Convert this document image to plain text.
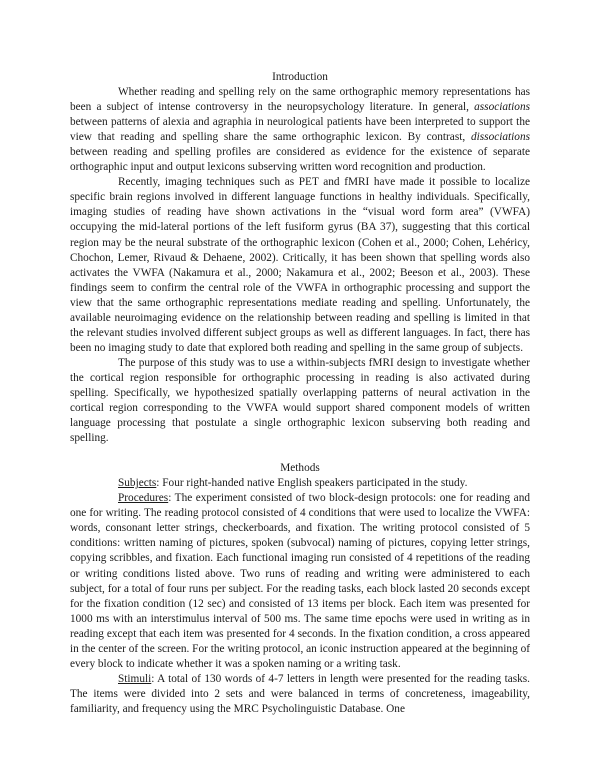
Introduction

Whether reading and spelling rely on the same orthographic memory representations has been a subject of intense controversy in the neuropsychology literature. In general, associations between patterns of alexia and agraphia in neurological patients have been interpreted to support the view that reading and spelling share the same orthographic lexicon. By contrast, dissociations between reading and spelling profiles are considered as evidence for the existence of separate orthographic input and output lexicons subserving written word recognition and production.

Recently, imaging techniques such as PET and fMRI have made it possible to localize specific brain regions involved in different language functions in healthy individuals. Specifically, imaging studies of reading have shown activations in the “visual word form area” (VWFA) occupying the mid-lateral portions of the left fusiform gyrus (BA 37), suggesting that this cortical region may be the neural substrate of the orthographic lexicon (Cohen et al., 2000; Cohen, Lehéricy, Chochon, Lemer, Rivaud & Dehaene, 2002). Critically, it has been shown that spelling words also activates the VWFA (Nakamura et al., 2000; Nakamura et al., 2002; Beeson et al., 2003). These findings seem to confirm the central role of the VWFA in orthographic processing and support the view that the same orthographic representations mediate reading and spelling. Unfortunately, the available neuroimaging evidence on the relationship between reading and spelling is limited in that the relevant studies involved different subject groups as well as different languages. In fact, there has been no imaging study to date that explored both reading and spelling in the same group of subjects.

The purpose of this study was to use a within-subjects fMRI design to investigate whether the cortical region responsible for orthographic processing in reading is also activated during spelling. Specifically, we hypothesized spatially overlapping patterns of neural activation in the cortical region corresponding to the VWFA would support shared component models of written language processing that postulate a single orthographic lexicon subserving both reading and spelling.

Methods

Subjects: Four right-handed native English speakers participated in the study.

Procedures: The experiment consisted of two block-design protocols: one for reading and one for writing. The reading protocol consisted of 4 conditions that were used to localize the VWFA: words, consonant letter strings, checkerboards, and fixation. The writing protocol consisted of 5 conditions: written naming of pictures, spoken (subvocal) naming of pictures, copying letter strings, copying scribbles, and fixation. Each functional imaging run consisted of 4 repetitions of the reading or writing conditions listed above. Two runs of reading and writing were administered to each subject, for a total of four runs per subject. For the reading tasks, each block lasted 20 seconds except for the fixation condition (12 sec) and consisted of 13 items per block. Each item was presented for 1000 ms with an interstimulus interval of 500 ms. The same time epochs were used in writing as in reading except that each item was presented for 4 seconds. In the fixation condition, a cross appeared in the center of the screen. For the writing protocol, an iconic instruction appeared at the beginning of every block to indicate whether it was a spoken naming or a writing task.

Stimuli: A total of 130 words of 4-7 letters in length were presented for the reading tasks. The items were divided into 2 sets and were balanced in terms of concreteness, imageability, familiarity, and frequency using the MRC Psycholinguistic Database. One
